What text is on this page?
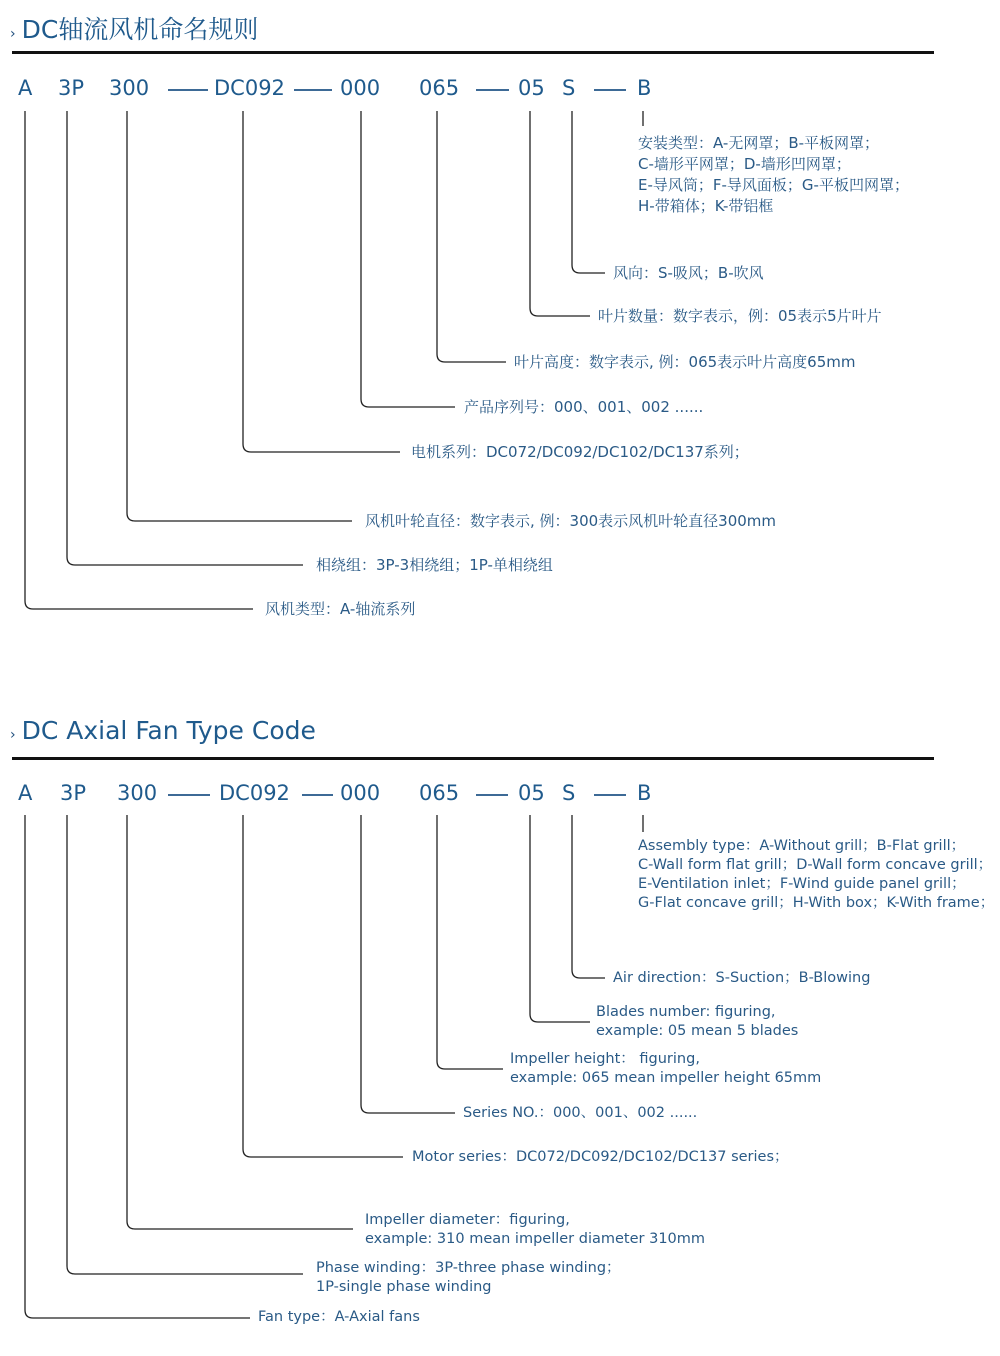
› DC轴流风机命名规则
A 3P 300	DC092	000 065	05 S	B
安装类型：A-无网罩；B-平板网罩；
C-墙形平网罩；D-墙形凹网罩；
E-导风筒；F-导风面板；G-平板凹网罩；
H-带箱体；K-带铝框
风向：S-吸风；B-吹风
叶片数量：数字表示，例：05表示5片叶片
叶片高度：数字表示, 例：065表示叶片高度65mm
产品序列号：000、001、002 ......
电机系列：DC072/DC092/DC102/DC137系列；
风机叶轮直径：数字表示, 例：300表示风机叶轮直径300mm
相绕组：3P-3相绕组；1P-单相绕组
风机类型：A-轴流系列
› DC Axial Fan Type Code
A 3P 300	DC092 000 065	05 S	B
Assembly type：A-Without grill；B-Flat grill；
C-Wall form flat grill；D-Wall form concave grill；
E-Ventilation inlet；F-Wind guide panel grill；
G-Flat concave grill；H-With box；K-With frame；
Air direction：S-Suction；B-Blowing
Blades number: figuring,
example: 05 mean 5 blades
Impeller height： figuring,
example: 065 mean impeller height 65mm
Series NO.：000、001、002 ......
Motor series：DC072/DC092/DC102/DC137 series；
Impeller diameter：figuring,
example: 310 mean impeller diameter 310mm
Phase winding：3P-three phase winding；
1P-single phase winding
Fan type：A-Axial fans
